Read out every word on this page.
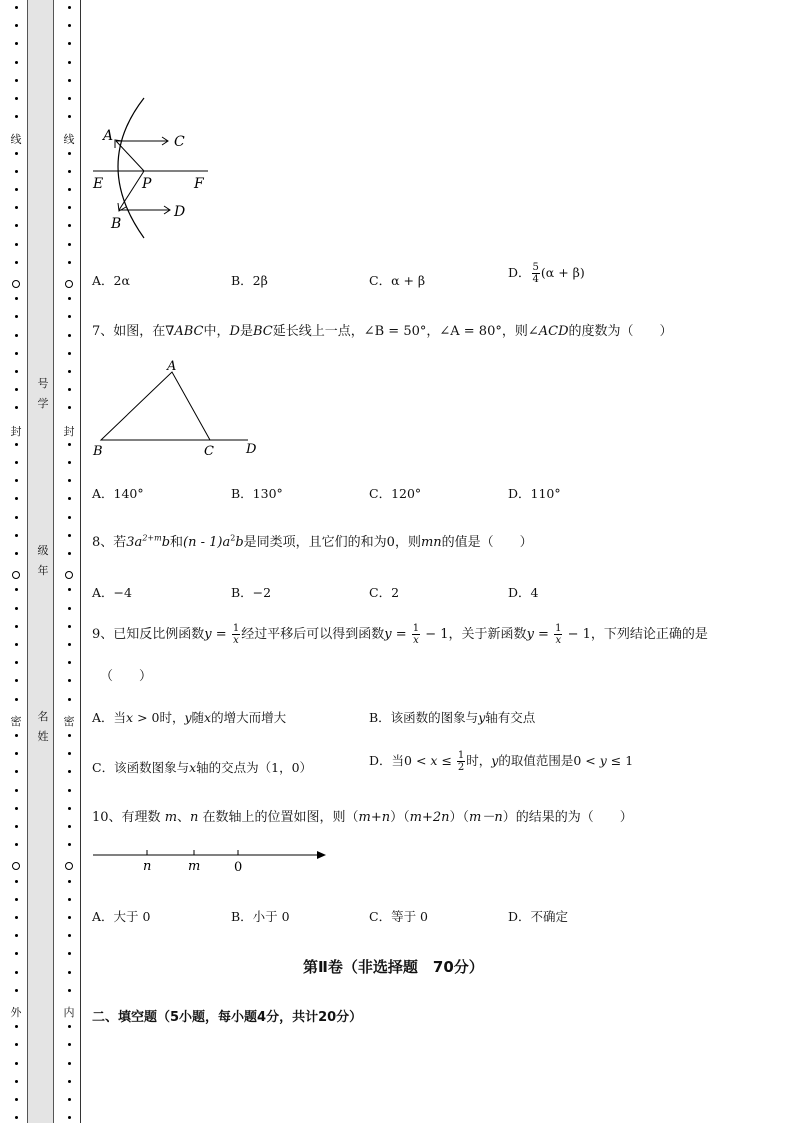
线
封
密
外
线
封
密
内
号
学
级
年
名
姓
A	C
E	P	F
B
D
A．2α	B．2β	C．α + β
D． $\frac{5}{4} (\alpha + \beta)$
7、如图，在∇ABC中，D是BC延长线上一点，∠B = 50°，∠A = 80°，则∠ACD的度数为（　　）
A
B	C D
A．140°	B．130°	C．120°	D．110°
8、若$3a^{2+m}b$和$(n - 1)a^2b$是同类项，且它们的和为0，则mn的值是（　　）
A．−4	B．−2	C．2	D．4
9、已知反比例函数$y = \frac{1}{x}$ 经过平移后可以得到函数$y = \frac{1}{x} - 1$，关于新函数$y = \frac{1}{x} - 1$，下列结论正确的是
（　　）
A．当x > 0时，y随x的增大而增大	B．该函数的图象与y轴有交点
C．该函数图象与x轴的交点为（1，0）	D．当$0 < x \le \frac{1}{2}$ 时，y的取值范围是0 < y ≤ 1
10、有理数 m、n 在数轴上的位置如图，则（m+n）（m+2n）（m－n）的结果的为（　　）
n	m	0
A．大于 0	B．小于 0	C．等于 0	D．不确定
第Ⅱ卷（非选择题　70分）
二、填空题（5小题，每小题4分，共计20分）
